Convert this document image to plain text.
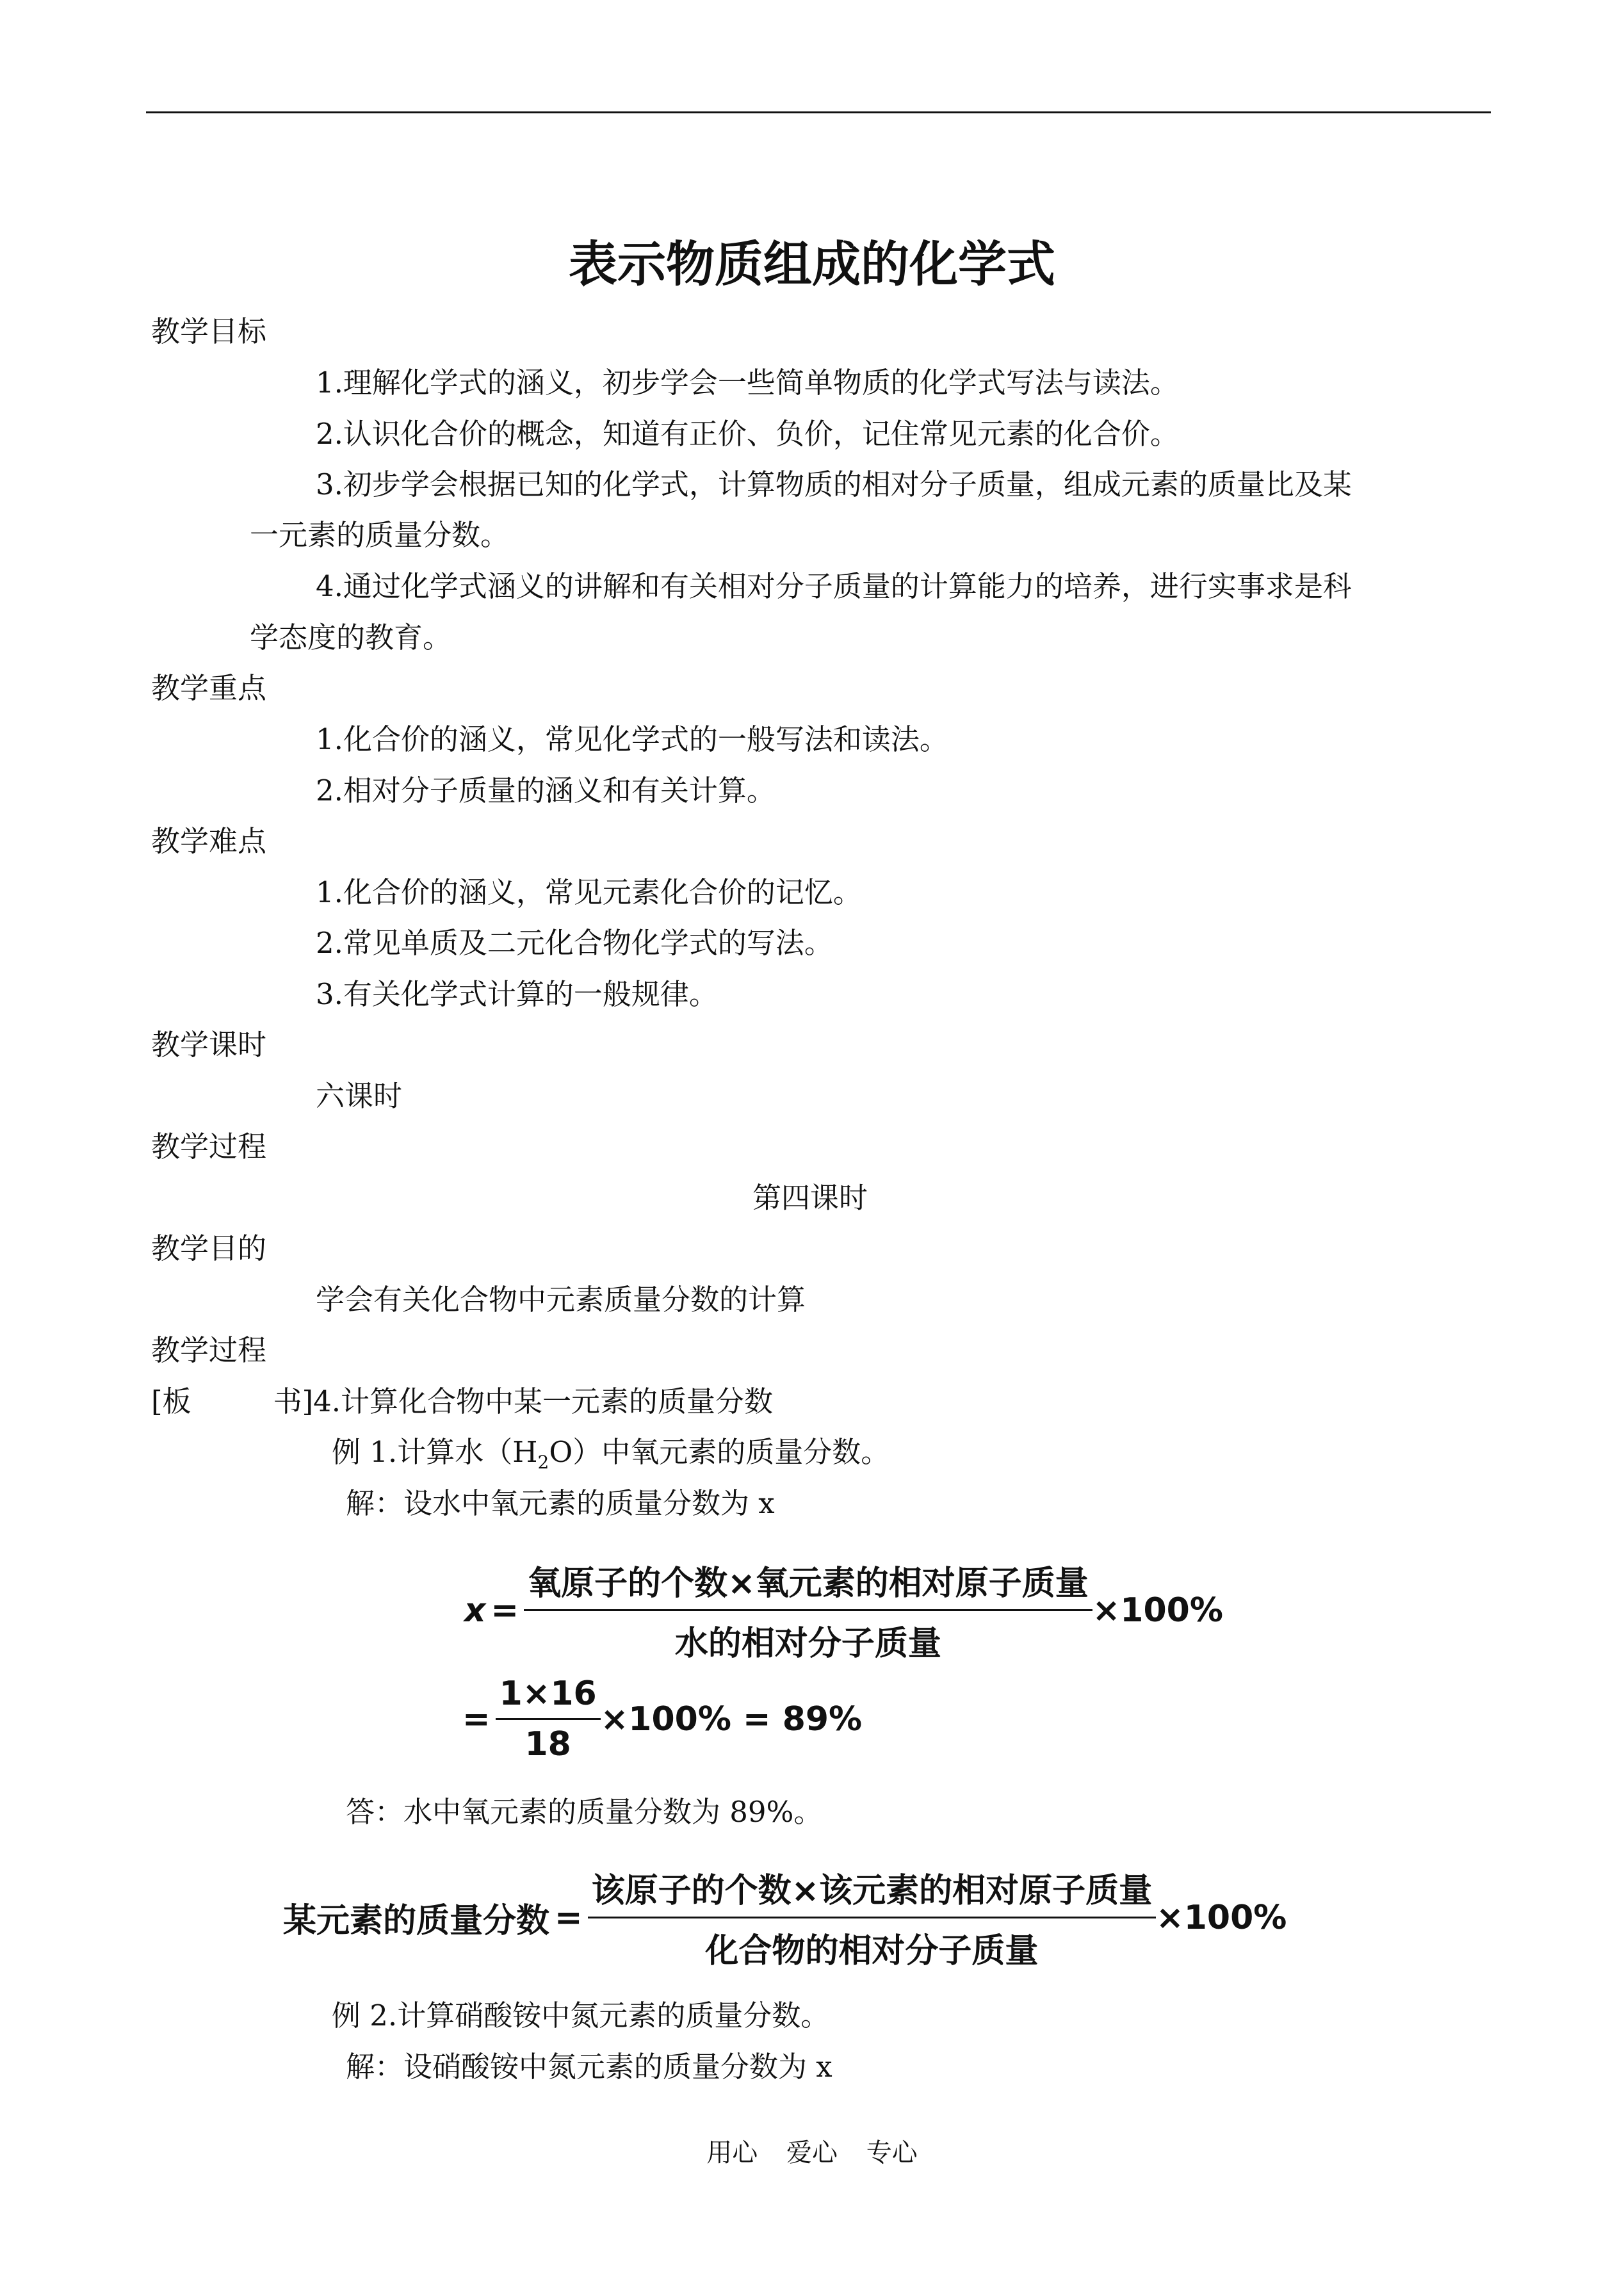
表示物质组成的化学式
教学目标
1.理解化学式的涵义，初步学会一些简单物质的化学式写法与读法。
2.认识化合价的概念，知道有正价、负价，记住常见元素的化合价。
3.初步学会根据已知的化学式，计算物质的相对分子质量，组成元素的质量比及某
一元素的质量分数。
4.通过化学式涵义的讲解和有关相对分子质量的计算能力的培养，进行实事求是科
学态度的教育。
教学重点
1.化合价的涵义，常见化学式的一般写法和读法。
2.相对分子质量的涵义和有关计算。
教学难点
1.化合价的涵义，常见元素化合价的记忆。
2.常见单质及二元化合物化学式的写法。
3.有关化学式计算的一般规律。
教学课时
六课时
教学过程
第四课时
教学目的
学会有关化合物中元素质量分数的计算
教学过程
[板	书]4.计算化合物中某一元素的质量分数
例 1.计算水$(H_2O)$中氧元素的质量分数。
解：设水中氧元素的质量分数为 x
$x = \frac{\text{氧原子的个数×氧元素的相对原子质量}}{\text{水的相对分子质量}} \times 100\%$
= $\frac{1\times 16}{18} \times 100\% = 89\%$
答：水中氧元素的质量分数为 89%。
某元素的质量分数 = $\frac{\text{该原子的个数×该元素的相对原子质量}}{\text{化合物的相对分子质量}} \times 100\%$
例 2.计算硝酸铵中氮元素的质量分数。
解：设硝酸铵中氮元素的质量分数为 x
用心 爱心 专心
